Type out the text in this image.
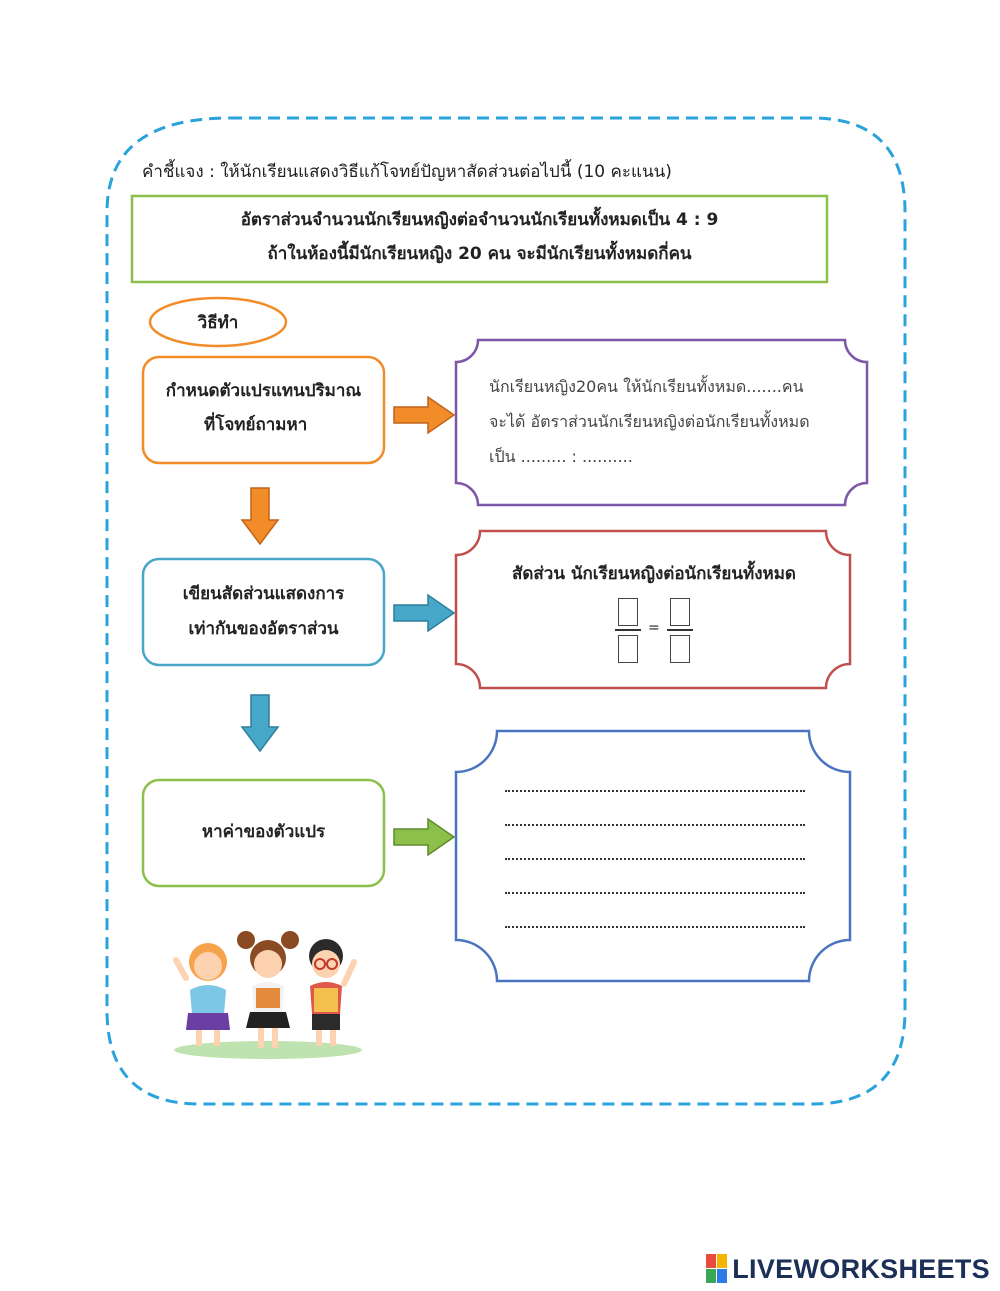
คำชี้แจง : ให้นักเรียนแสดงวิธีแก้โจทย์ปัญหาสัดส่วนต่อไปนี้ (10 คะแนน)
อัตราส่วนจำนวนนักเรียนหญิงต่อจำนวนนักเรียนทั้งหมดเป็น 4 : 9
ถ้าในห้องนี้มีนักเรียนหญิง 20 คน จะมีนักเรียนทั้งหมดกี่คน
วิธีทำ
กำหนดตัวแปรแทนปริมาณ
ที่โจทย์ถามหา
เขียนสัดส่วนแสดงการ
เท่ากันของอัตราส่วน
หาค่าของตัวแปร
นักเรียนหญิง20คน ให้นักเรียนทั้งหมด.......คน
จะได้ อัตราส่วนนักเรียนหญิงต่อนักเรียนทั้งหมด
เป็น ......... : ..........
สัดส่วน นักเรียนหญิงต่อนักเรียนทั้งหมด
=
LIVEWORKSHEETS
